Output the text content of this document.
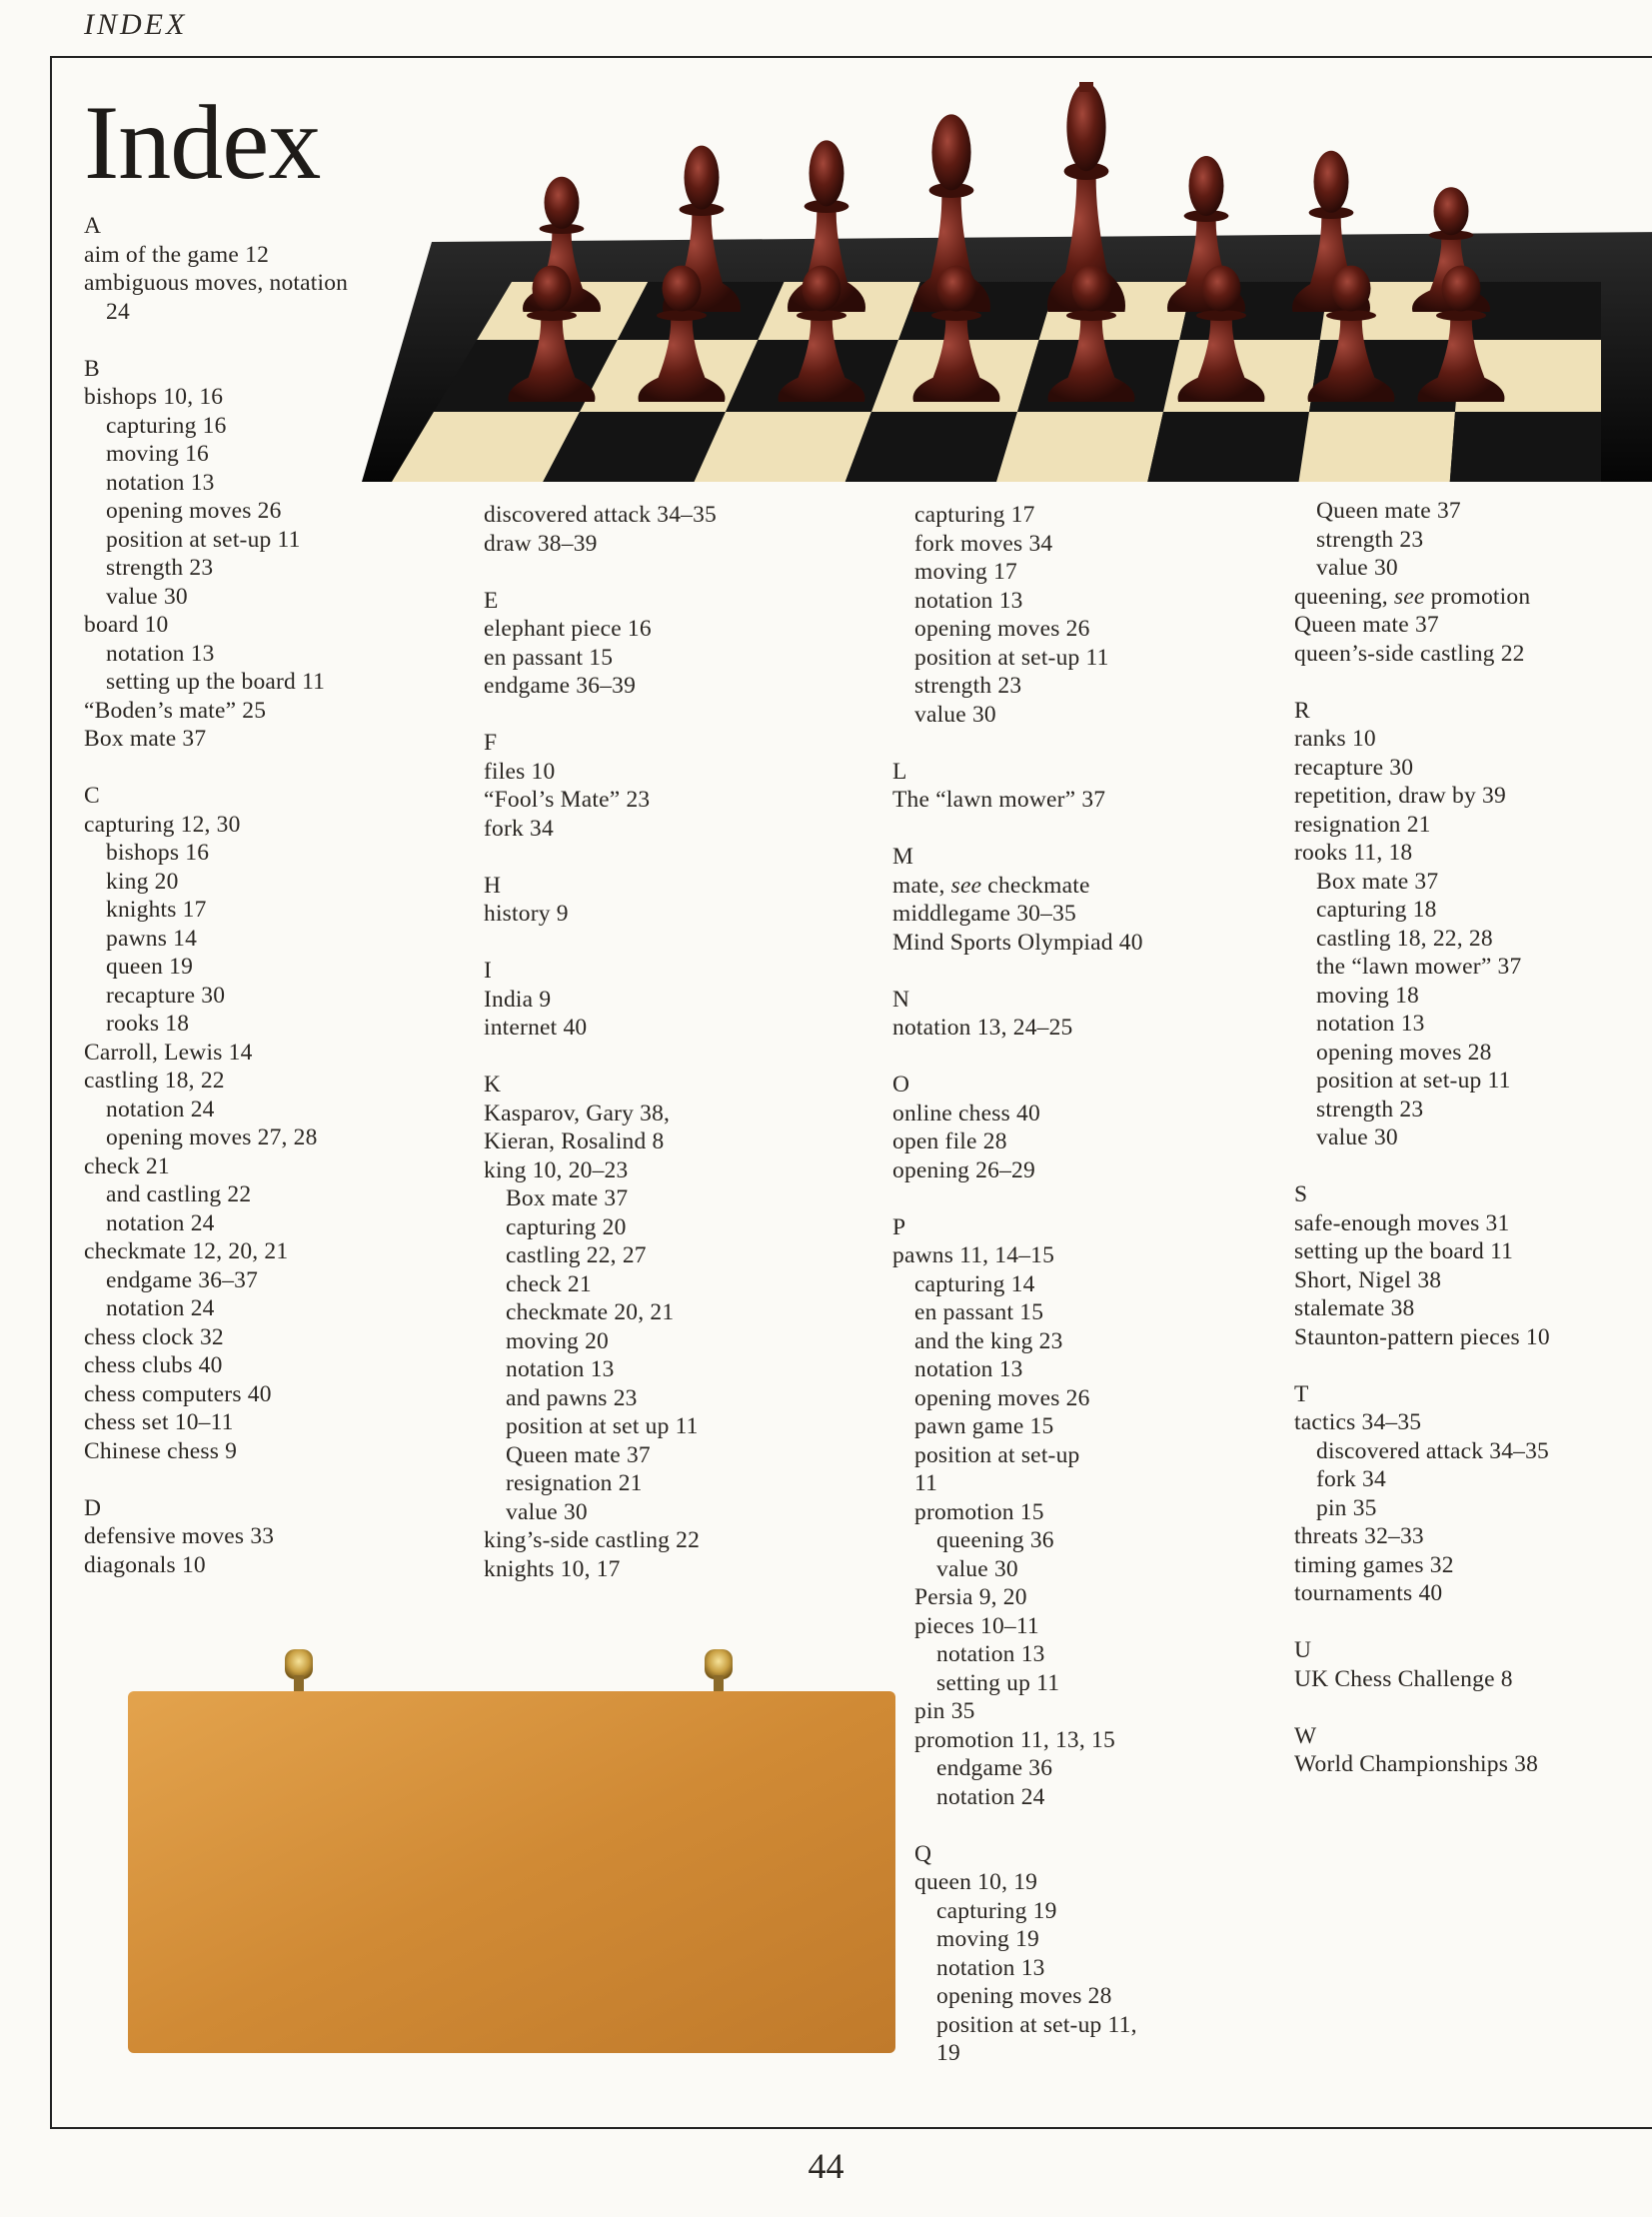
INDEX
Index
A
aim of the game 12
ambiguous moves, notation
24
B
bishops 10, 16
capturing 16
moving 16
notation 13
opening moves 26
position at set-up 11
strength 23
value 30
board 10
notation 13
setting up the board 11
“Boden’s mate” 25
Box mate 37
C
capturing 12, 30
bishops 16
king 20
knights 17
pawns 14
queen 19
recapture 30
rooks 18
Carroll, Lewis 14
castling 18, 22
notation 24
opening moves 27, 28
check 21
and castling 22
notation 24
checkmate 12, 20, 21
endgame 36–37
notation 24
chess clock 32
chess clubs 40
chess computers 40
chess set 10–11
Chinese chess 9
D
defensive moves 33
diagonals 10
discovered attack 34–35
draw 38–39
E
elephant piece 16
en passant 15
endgame 36–39
F
files 10
“Fool’s Mate” 23
fork 34
H
history 9
I
India 9
internet 40
K
Kasparov, Gary 38,
Kieran, Rosalind 8
king 10, 20–23
Box mate 37
capturing 20
castling 22, 27
check 21
checkmate 20, 21
moving 20
notation 13
and pawns 23
position at set up 11
Queen mate 37
resignation 21
value 30
king’s-side castling 22
knights 10, 17
capturing 17
fork moves 34
moving 17
notation 13
opening moves 26
position at set-up 11
strength 23
value 30
L
The “lawn mower” 37
M
mate, see checkmate
middlegame 30–35
Mind Sports Olympiad 40
N
notation 13, 24–25
O
online chess 40
open file 28
opening 26–29
P
pawns 11, 14–15
capturing 14
en passant 15
and the king 23
notation 13
opening moves 26
pawn game 15
position at set-up
11
promotion 15
queening 36
value 30
Persia 9, 20
pieces 10–11
notation 13
setting up 11
pin 35
promotion 11, 13, 15
endgame 36
notation 24
Q
queen 10, 19
capturing 19
moving 19
notation 13
opening moves 28
position at set-up 11,
19
Queen mate 37
strength 23
value 30
queening, see promotion
Queen mate 37
queen’s-side castling 22
R
ranks 10
recapture 30
repetition, draw by 39
resignation 21
rooks 11, 18
Box mate 37
capturing 18
castling 18, 22, 28
the “lawn mower” 37
moving 18
notation 13
opening moves 28
position at set-up 11
strength 23
value 30
S
safe-enough moves 31
setting up the board 11
Short, Nigel 38
stalemate 38
Staunton-pattern pieces 10
T
tactics 34–35
discovered attack 34–35
fork 34
pin 35
threats 32–33
timing games 32
tournaments 40
U
UK Chess Challenge 8
W
World Championships 38
44
